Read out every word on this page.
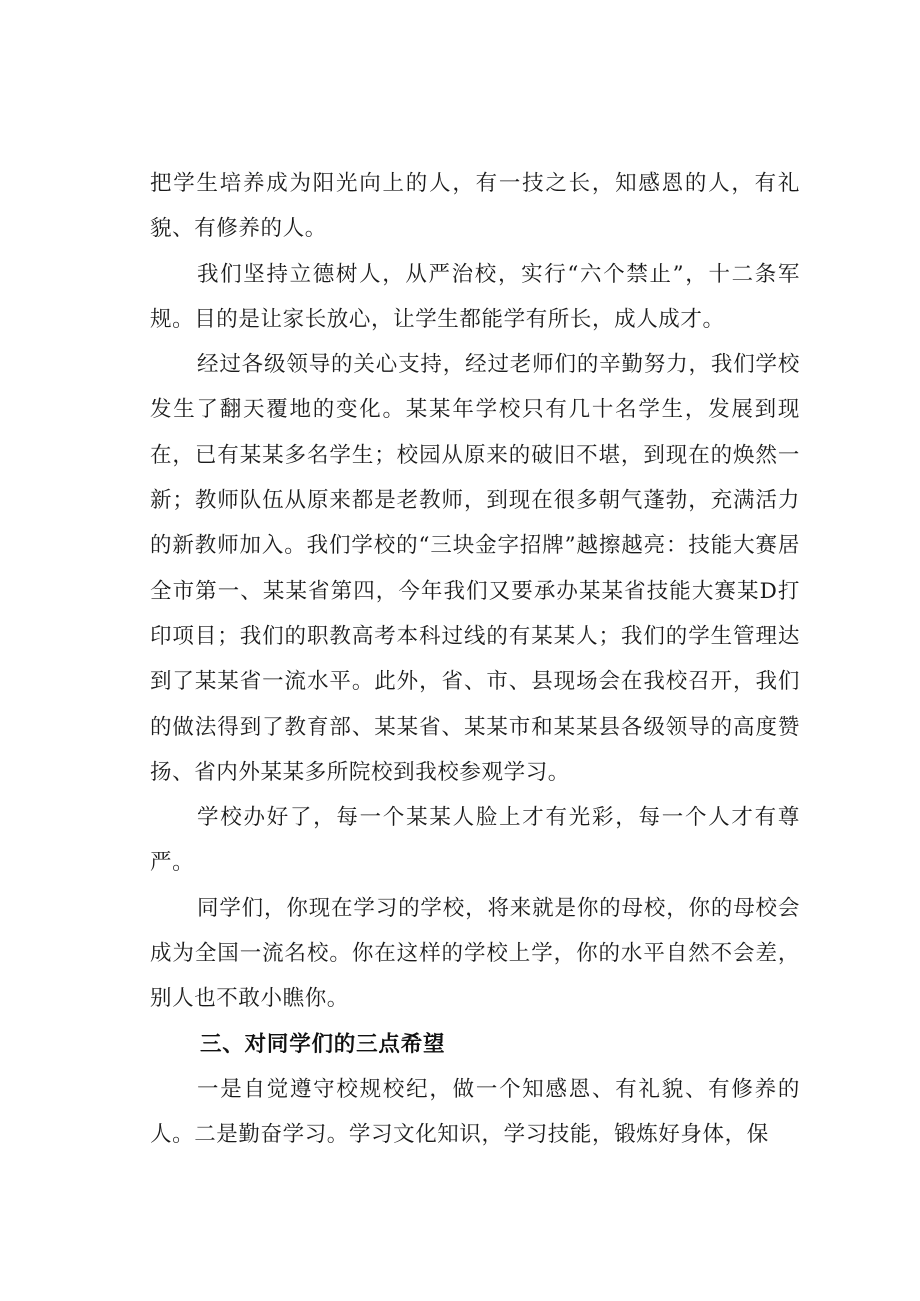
把学生培养成为阳光向上的人，有一技之长，知感恩的人，有礼貌、有修养的人。

我们坚持立德树人，从严治校，实行“六个禁止”，十二条军规。目的是让家长放心，让学生都能学有所长，成人成才。

经过各级领导的关心支持，经过老师们的辛勤努力，我们学校发生了翻天覆地的变化。某某年学校只有几十名学生，发展到现在，已有某某多名学生；校园从原来的破旧不堪，到现在的焕然一新；教师队伍从原来都是老教师，到现在很多朝气蓬勃，充满活力的新教师加入。我们学校的“三块金字招牌”越擦越亮：技能大赛居全市第一、某某省第四，今年我们又要承办某某省技能大赛某D打印项目；我们的职教高考本科过线的有某某人；我们的学生管理达到了某某省一流水平。此外，省、市、县现场会在我校召开，我们的做法得到了教育部、某某省、某某市和某某县各级领导的高度赞扬、省内外某某多所院校到我校参观学习。

学校办好了，每一个某某人脸上才有光彩，每一个人才有尊严。

同学们，你现在学习的学校，将来就是你的母校，你的母校会成为全国一流名校。你在这样的学校上学，你的水平自然不会差，别人也不敢小瞧你。

三、对同学们的三点希望

一是自觉遵守校规校纪，做一个知感恩、有礼貌、有修养的人。二是勤奋学习。学习文化知识，学习技能，锻炼好身体，保
